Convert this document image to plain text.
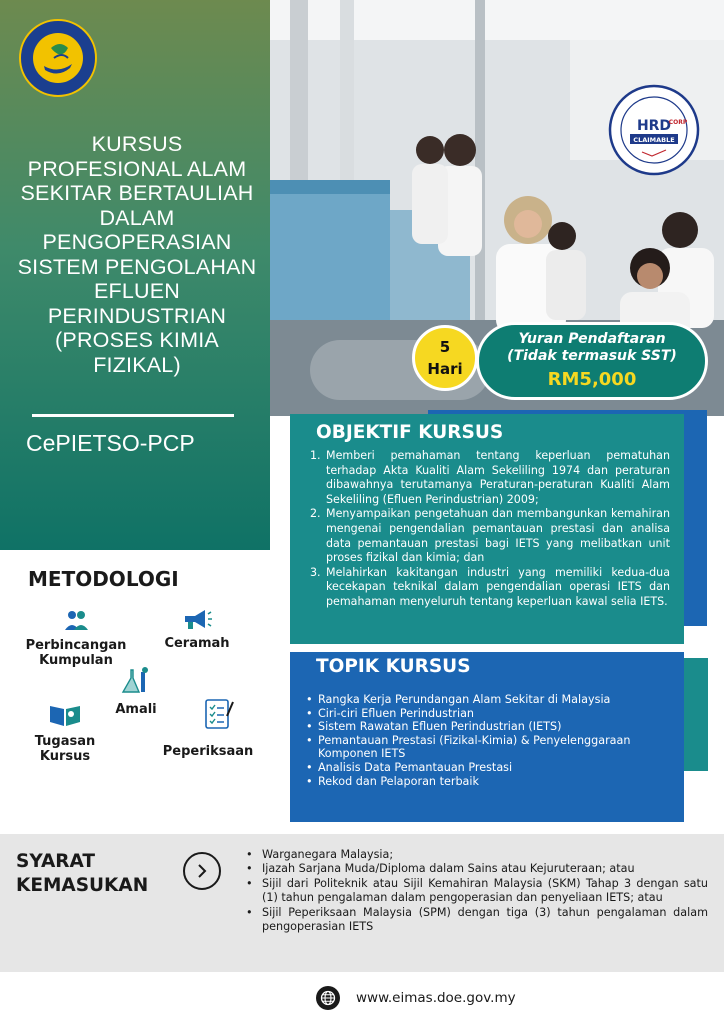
KURSUS PROFESIONAL ALAM SEKITAR BERTAULIAH DALAM PENGOPERASIAN SISTEM PENGOLAHAN EFLUEN PERINDUSTRIAN (PROSES KIMIA FIZIKAL)
CePIETSO-PCP
HRD
CORP
CLAIMABLE
5
Hari
Yuran Pendaftaran
(Tidak termasuk SST)
RM5,000
OBJEKTIF KURSUS
1. Memberi pemahaman tentang keperluan pematuhan terhadap Akta Kualiti Alam Sekeliling 1974 dan peraturan dibawahnya terutamanya Peraturan-peraturan Kualiti Alam Sekeliling (Efluen Perindustrian) 2009;
2. Menyampaikan pengetahuan dan membangunkan kemahiran mengenai pengendalian pemantauan prestasi dan analisa data pemantauan prestasi bagi IETS yang melibatkan unit proses fizikal dan kimia; dan
3. Melahirkan kakitangan industri yang memiliki kedua-dua kecekapan teknikal dalam pengendalian operasi IETS dan pemahaman menyeluruh tentang keperluan kawal selia IETS.
TOPIK KURSUS
• Rangka Kerja Perundangan Alam Sekitar di Malaysia
• Ciri-ciri Efluen Perindustrian
• Sistem Rawatan Efluen Perindustrian (IETS)
• Pemantauan Prestasi (Fizikal-Kimia) & Penyelenggaraan Komponen IETS
• Analisis Data Pemantauan Prestasi
• Rekod dan Pelaporan terbaik
METODOLOGI
Perbincangan Kumpulan
Ceramah
Amali
Peperiksaan
Tugasan Kursus
SYARAT
KEMASUKAN
• Warganegara Malaysia;
• Ijazah Sarjana Muda/Diploma dalam Sains atau Kejuruteraan; atau
• Sijil dari Politeknik atau Sijil Kemahiran Malaysia (SKM) Tahap 3 dengan satu (1) tahun pengalaman dalam pengoperasian dan penyeliaan IETS; atau
• Sijil Peperiksaan Malaysia (SPM) dengan tiga (3) tahun pengalaman dalam pengoperasian IETS
www.eimas.doe.gov.my
